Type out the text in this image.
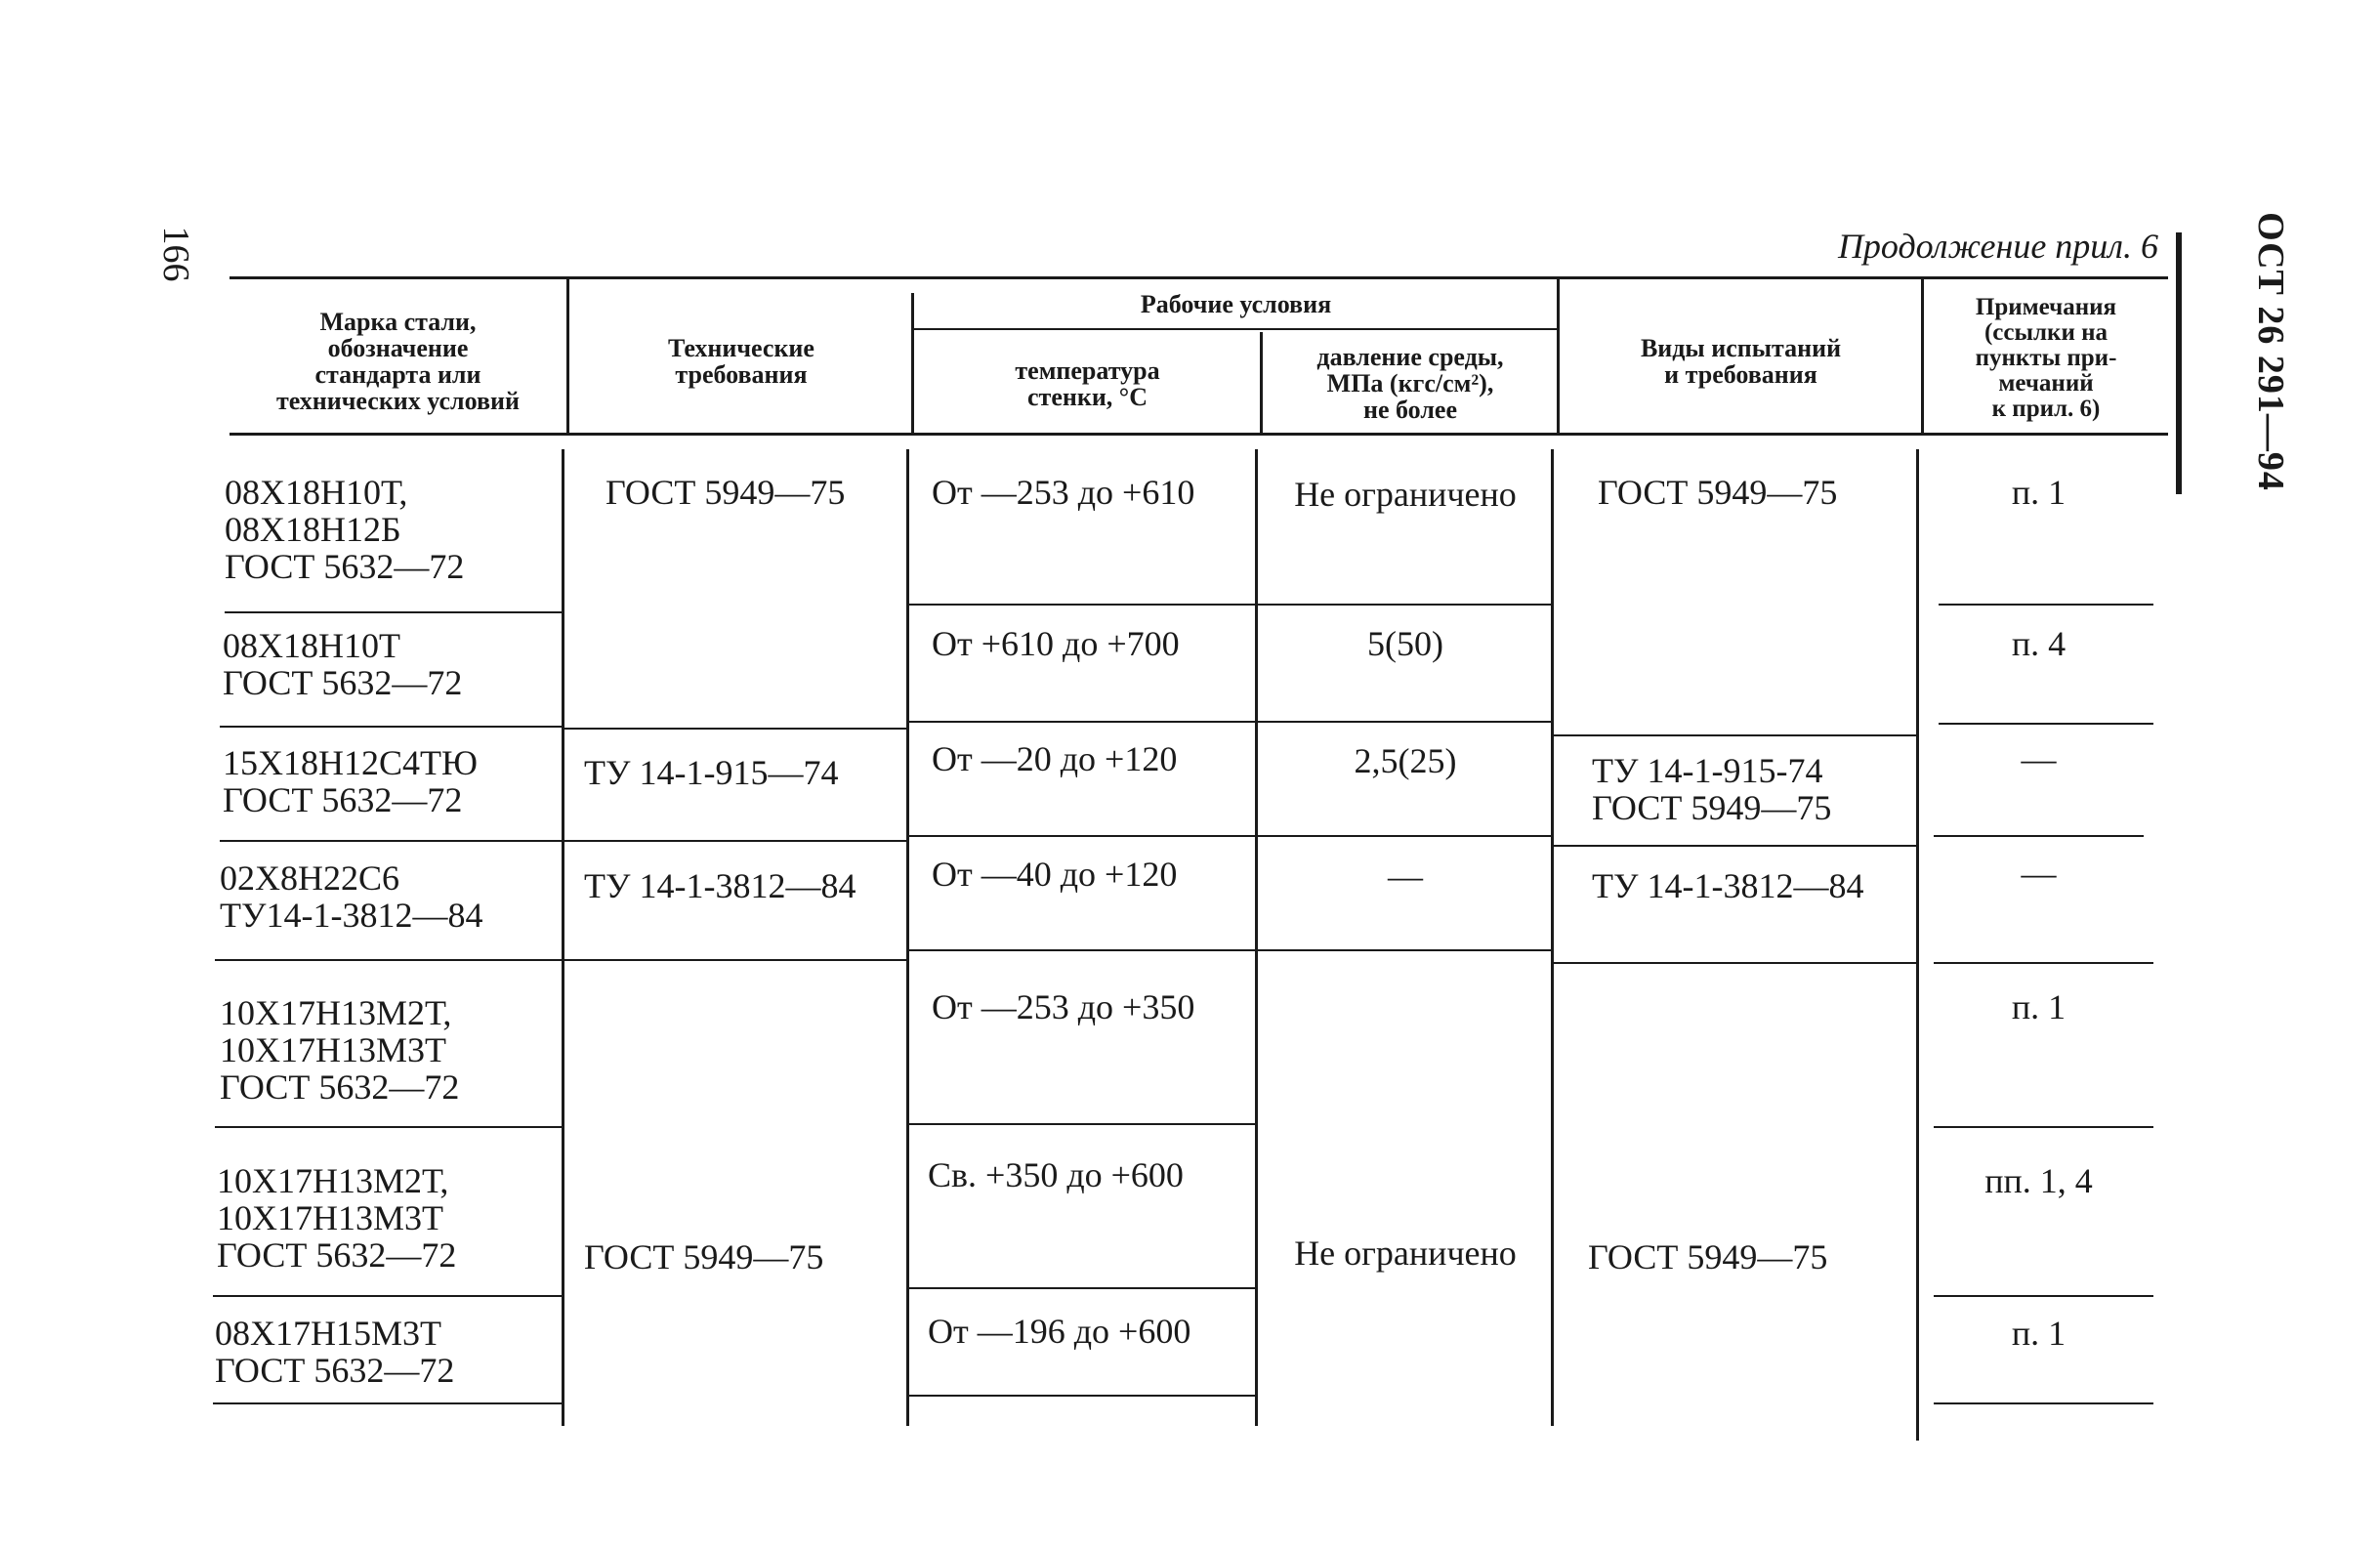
166	ОСТ 26 291—94
Продолжение прил. 6
Марка стали,
обозначение
стандарта или
технических условий
Технические
требования
Рабочие условия
температура
стенки, °С
давление среды,
МПа (кгс/см²),
не более
Виды испытаний
и требования
Примечания
(ссылки на
пункты при-
мечаний
к прил. 6)
08Х18Н10Т,
08Х18Н12Б
ГОСТ 5632—72
08Х18Н10Т
ГОСТ 5632—72
15Х18Н12С4ТЮ
ГОСТ 5632—72
02Х8Н22С6
ТУ14-1-3812—84
10Х17Н13М2Т,
10Х17Н13М3Т
ГОСТ 5632—72
10Х17Н13М2Т,
10Х17Н13М3Т
ГОСТ 5632—72
08Х17Н15М3Т
ГОСТ 5632—72
ГОСТ 5949—75
ТУ 14-1-915—74
ТУ 14-1-3812—84
ГОСТ 5949—75
От —253 до +610
От +610 до +700
От —20 до +120
От —40 до +120
От —253 до +350
Св. +350 до +600
От —196 до +600
Не ограничено
5(50)
2,5(25)
—
Не ограничено
ГОСТ 5949—75
ТУ 14-1-915-74
ГОСТ 5949—75
ТУ 14-1-3812—84
ГОСТ 5949—75
п. 1
п. 4
—
—
п. 1
пп. 1, 4
п. 1
